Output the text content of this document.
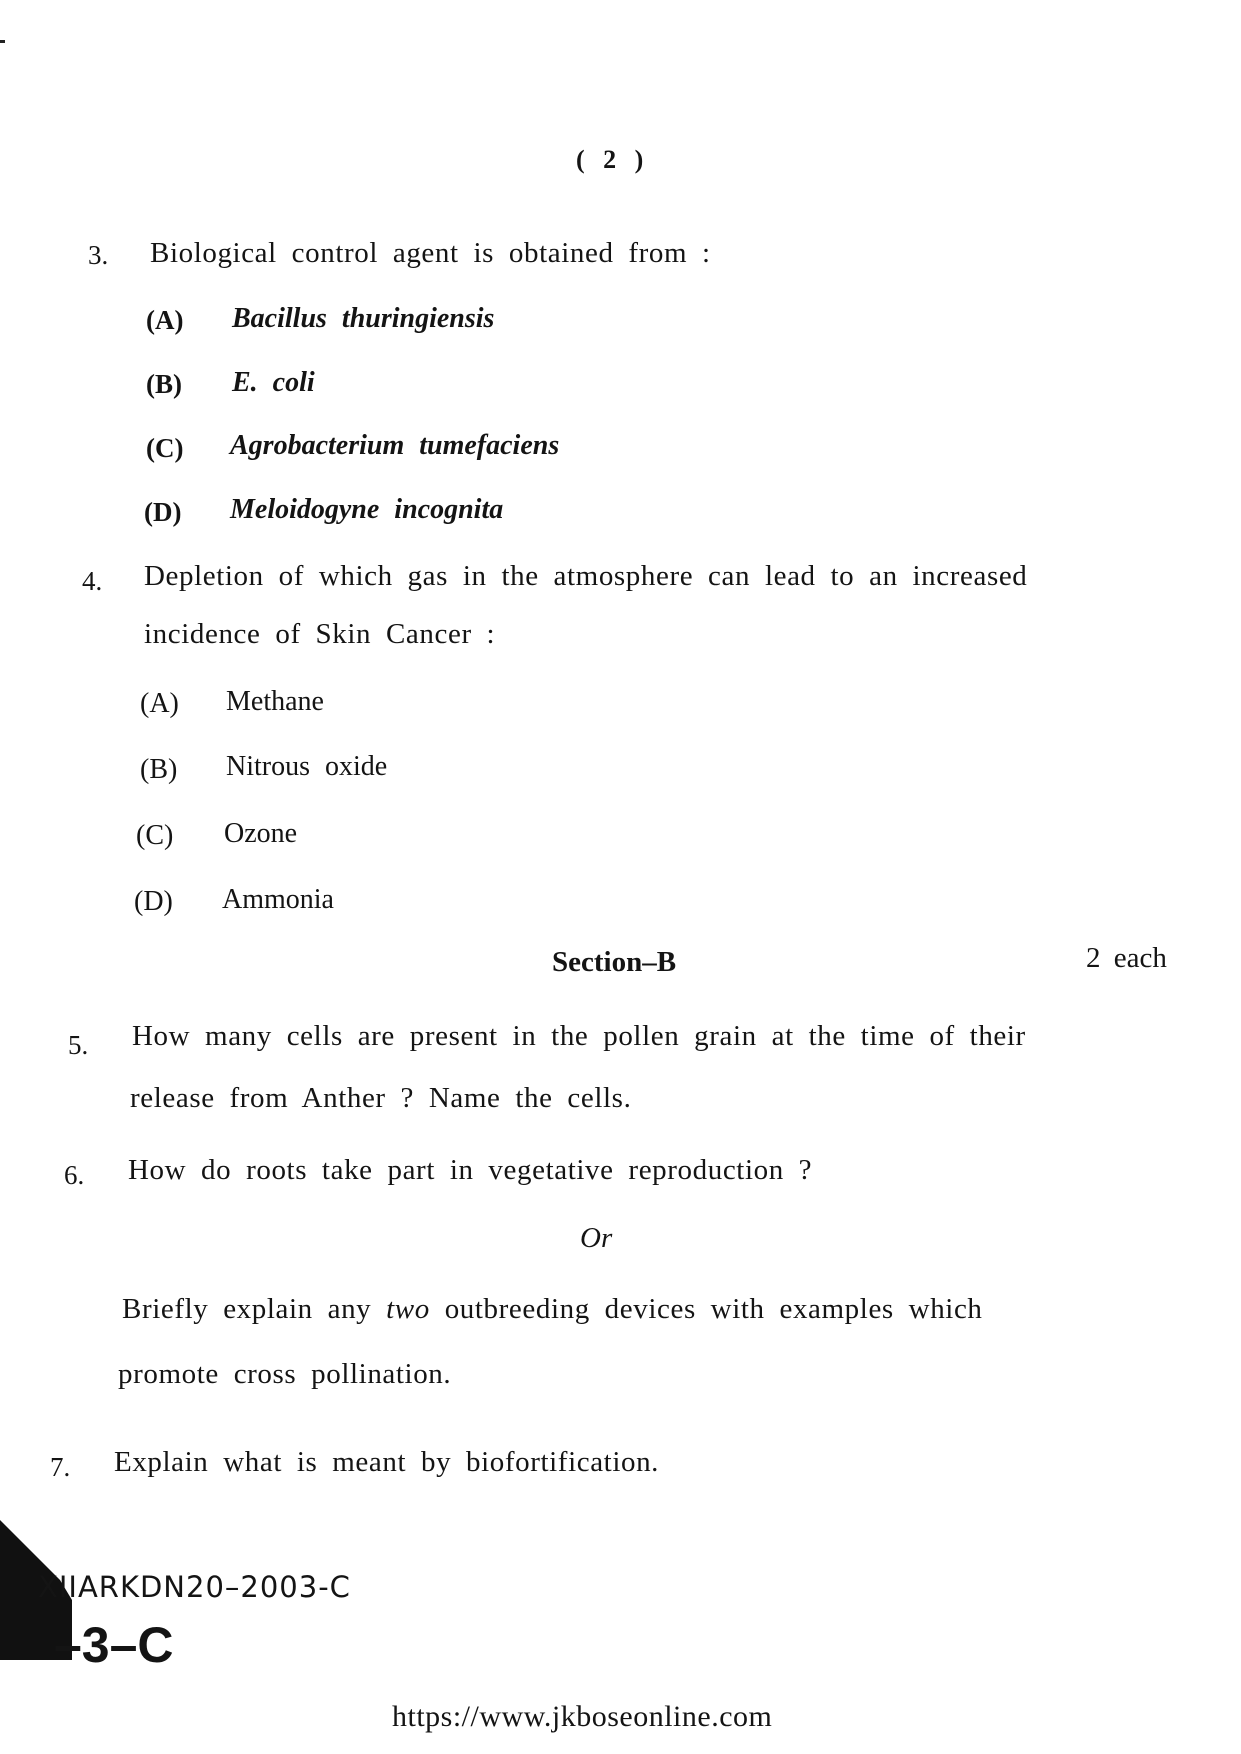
( 2 )
3. Biological control agent is obtained from :
(A) Bacillus thuringiensis
(B) E. coli
(C) Agrobacterium tumefaciens
(D) Meloidogyne incognita
4. Depletion of which gas in the atmosphere can lead to an increased
incidence of Skin Cancer :
(A) Methane
(B) Nitrous oxide
(C) Ozone
(D) Ammonia
Section–B	2 each
5. How many cells are present in the pollen grain at the time of their
release from Anther ? Name the cells.
6. How do roots take part in vegetative reproduction ?
Or
Briefly explain any two outbreeding devices with examples which
promote cross pollination.
7. Explain what is meant by biofortification.
XIIARKDN20–2003-C
–3–C
https://www.jkboseonline.com
